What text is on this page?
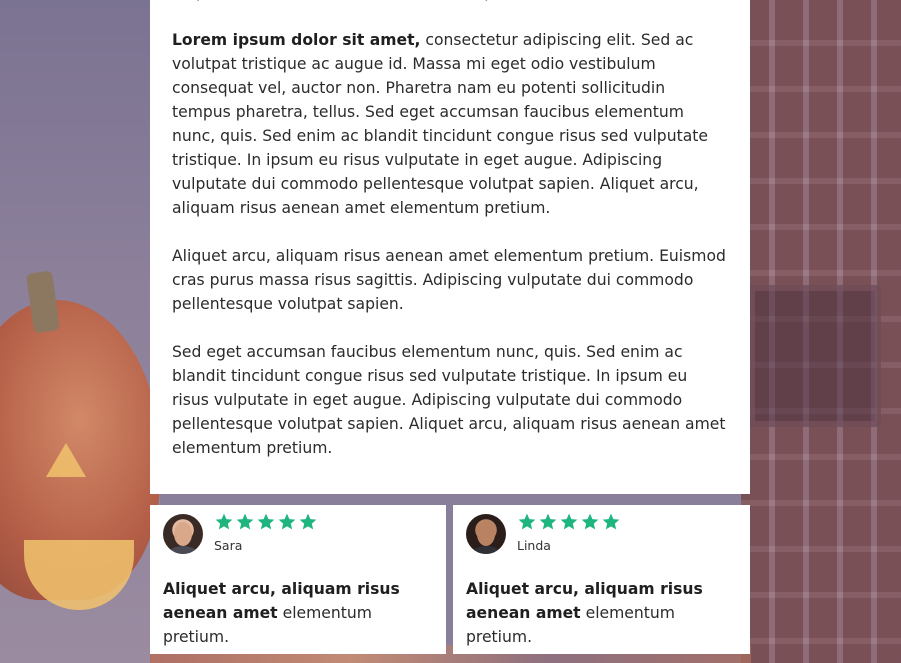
Lorem ipsum dolor sit amet, consectetur adipiscing elit. Sed ac volutpat tristique ac augue id. Massa mi eget odio vestibulum consequat vel, auctor non. Pharetra nam eu potenti sollicitudin tempus pharetra, tellus. Sed eget accumsan faucibus elementum nunc, quis. Sed enim ac blandit tincidunt congue risus sed vulputate tristique. In ipsum eu risus vulputate in eget augue. Adipiscing vulputate dui commodo pellentesque volutpat sapien. Aliquet arcu, aliquam risus aenean amet elementum pretium.

Aliquet arcu, aliquam risus aenean amet elementum pretium. Euismod cras purus massa risus sagittis. Adipiscing vulputate dui commodo pellentesque volutpat sapien.

Sed eget accumsan faucibus elementum nunc, quis. Sed enim ac blandit tincidunt congue risus sed vulputate tristique. In ipsum eu risus vulputate in eget augue. Adipiscing vulputate dui commodo pellentesque volutpat sapien. Aliquet arcu, aliquam risus aenean amet elementum pretium.

Sara
Aliquet arcu, aliquam risus aenean amet elementum pretium.
Linda
Aliquet arcu, aliquam risus aenean amet elementum pretium.
